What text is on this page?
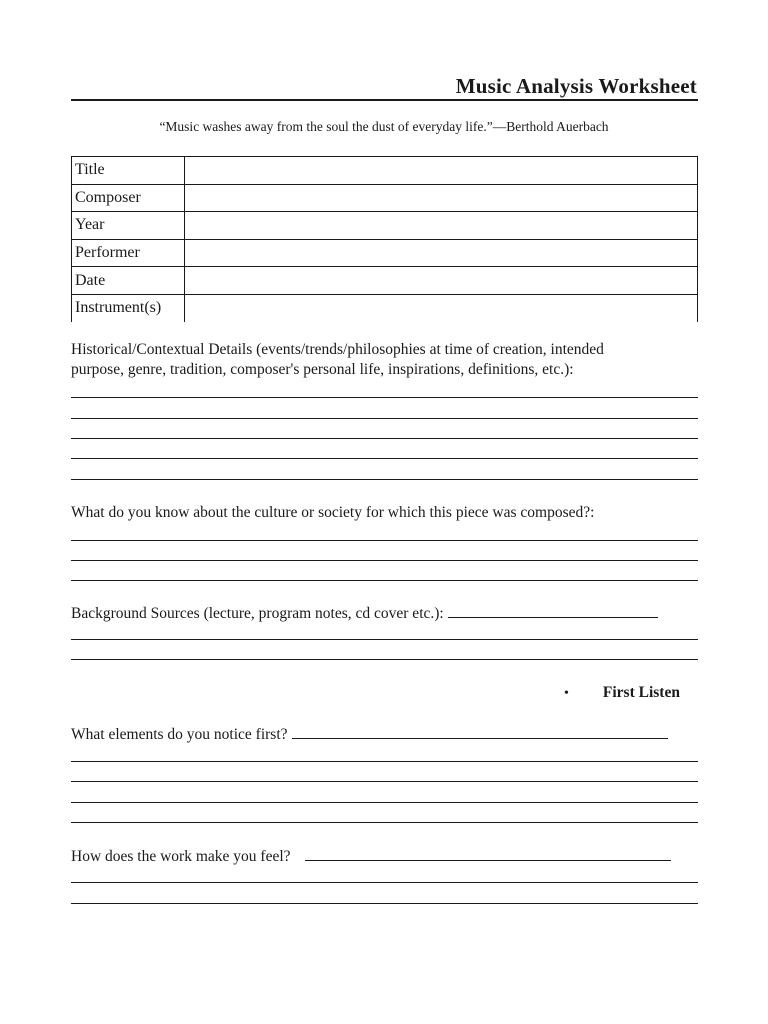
Music Analysis Worksheet
“Music washes away from the soul the dust of everyday life.”—Berthold Auerbach
Title	
Composer	
Year	
Performer	
Date	
Instrument(s)	
Historical/Contextual Details (events/trends/philosophies at time of creation, intended
purpose, genre, tradition, composer's personal life, inspirations, definitions, etc.):
What do you know about the culture or society for which this piece was composed?:
Background Sources (lecture, program notes, cd cover etc.):
• First Listen
What elements do you notice first?
How does the work make you feel?
